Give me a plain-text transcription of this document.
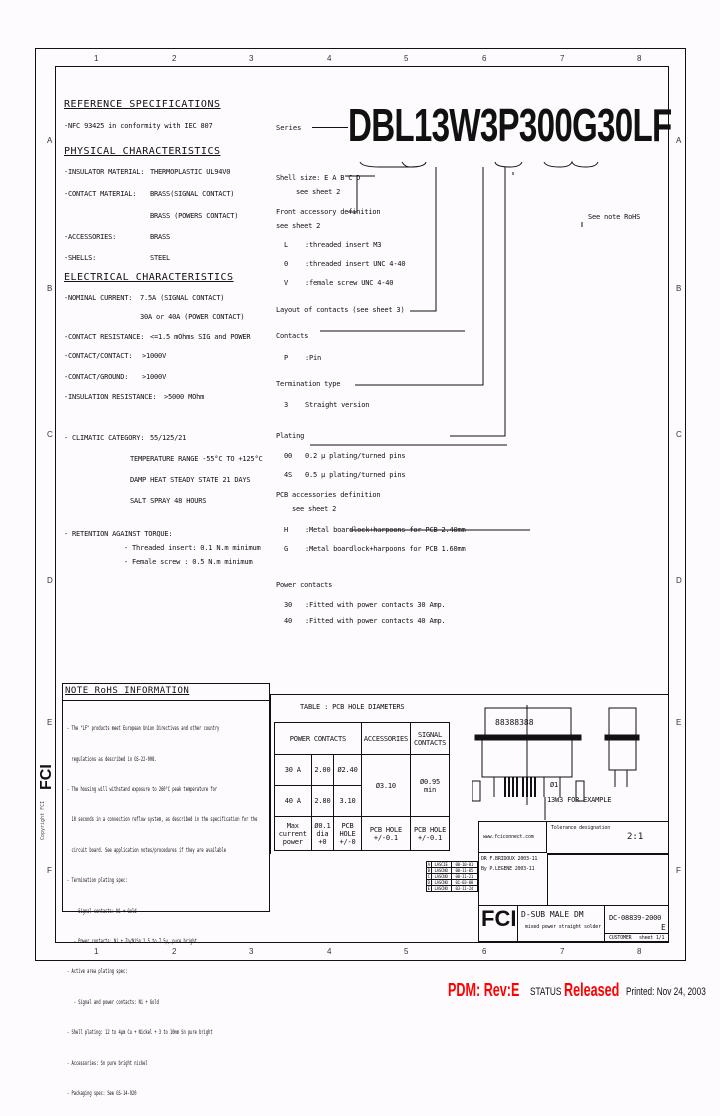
1	2	3	4	5	6	7	8
1	2	3	4	5	6	7	8
A
B
C
D
E
F
A
B
C
D
E
F
REFERENCE SPECIFICATIONS
-NFC 93425 in conformity with IEC 807
PHYSICAL CHARACTERISTICS
-INSULATOR MATERIAL: THERMOPLASTIC UL94V0
-CONTACT MATERIAL: BRASS(SIGNAL CONTACT)
BRASS (POWERS CONTACT)
-ACCESSORIES:	BRASS
-SHELLS:	STEEL
ELECTRICAL CHARACTERISTICS
-NOMINAL CURRENT: 7.5A (SIGNAL CONTACT)
30A or 40A (POWER CONTACT)
-CONTACT RESISTANCE: <=1.5 mOhms SIG and POWER
-CONTACT/CONTACT: >1000V
-CONTACT/GROUND: >1000V
-INSULATION RESISTANCE: >5000 MOhm
- CLIMATIC CATEGORY: 55/125/21
TEMPERATURE RANGE -55°C TO +125°C
DAMP HEAT STEADY STATE 21 DAYS
SALT SPRAY 48 HOURS
- RETENTION AGAINST TORQUE:
- Threaded insert: 0.1 N.m minimum
- Female screw : 0.5 N.m minimum
NOTE RoHS INFORMATION

- The "LF" products meet European Union Directives and other country

regulations as described in GS-22-008.

- The housing will withstand exposure to 260°C peak temperature for

10 seconds in a convection reflow system, as described in the specification for the

circuit board. See application notes/procedures if they are available

- Termination plating spec:

- Signal contacts: Ni + Gold

- Power contacts: Ni + Zn/NiSn 2.5 to 7.5µ, pure bright

- Active area plating spec:

- Signal and power contacts: Ni + Gold

- Shell plating: 12 to 4µm Cu + Nickel + 3 to 10mm Sn pure bright

- Accessories: Sn pure bright nickel

- Packaging spec: See GS-14-920

FCI
Copyright FCI
Series DBL13W3P300G30LF
Shell size: E A B C D
see sheet 2
Front accessory definition
see sheet 2
L :threaded insert M3
0 :threaded insert UNC 4-40
V :female screw UNC 4-40
Layout of contacts (see sheet 3)
Contacts
P :Pin
Termination type
3 Straight version
Plating
00 0.2 µ plating/turned pins
4S 0.5 µ plating/turned pins
PCB accessories definition
see sheet 2
H :Metal boardlock+harpoons for PCB 2.40mm
G :Metal boardlock+harpoons for PCB 1.60mm
Power contacts
30 :Fitted with power contacts 30 Amp.
40 :Fitted with power contacts 40 Amp.
See note RoHS
TABLE : PCB HOLE DIAMETERS
POWER CONTACTS			ACCESSORIES	SIGNAL CONTACTS
30 A	2.00	Ø2.40	Ø3.10	Ø0.95 min
40 A	2.80	3.10		
Max current power	Ø0.1 dia +0	PCB HOLE +/-0	PCB HOLE +/-0.1	PCB HOLE +/-0.1
88388388
13W3 FOR EXAMPLE
Ø1
A	LASCIE	00-10-01
B	LASCNO	00-11-05
C	LASCNO	00-11-21
D	LASCNO	01-03-08
E	LASCNO	03-11-24
www.fciconnect.com
Tolerance designation
2:1
DR F.BRIDOUX 2003-11
By P.LEGENE 2003-11
FCI D-SUB MALE DM
mixed power straight solder
DC-08839-2000
E
CUSTOMER sheet 1/1
PDM: Rev:E STATUS Released Printed: Nov 24, 2003
